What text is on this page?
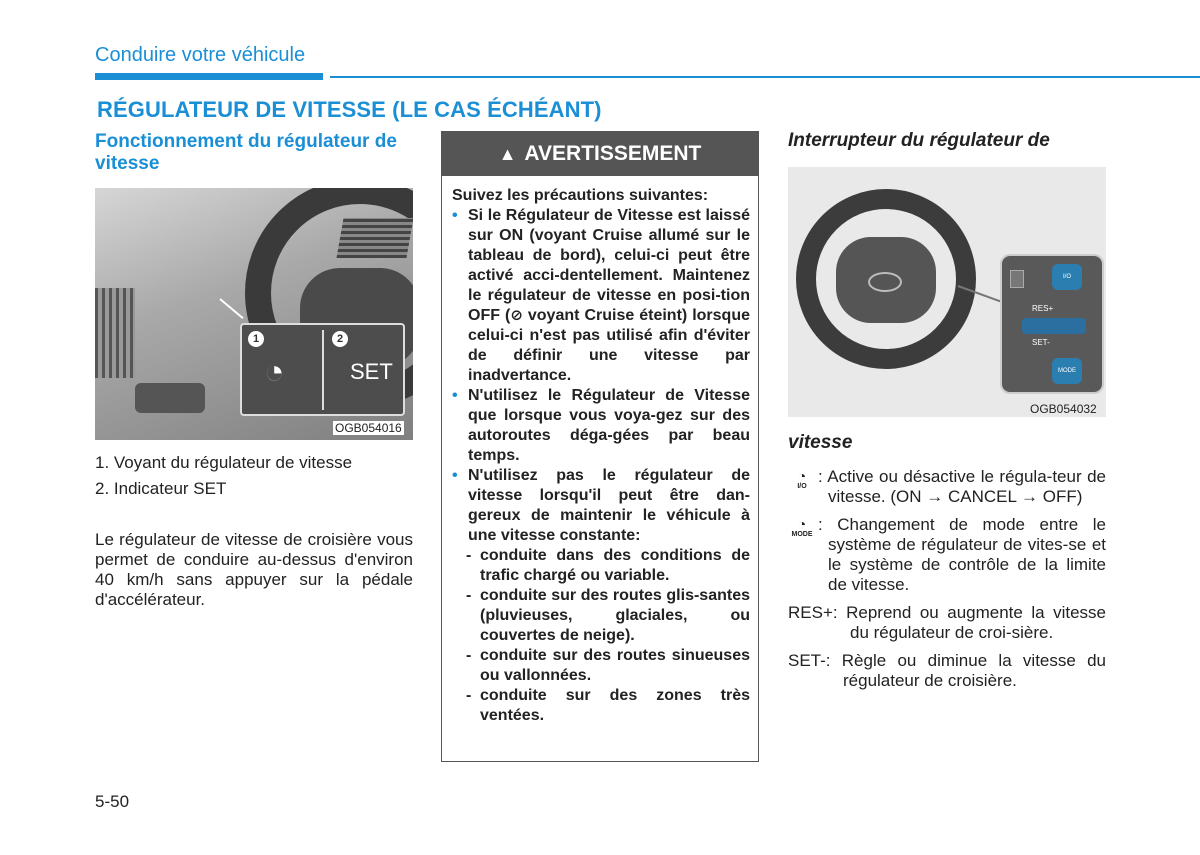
Conduire votre véhicule
RÉGULATEUR DE VITESSE (LE CAS ÉCHÉANT)
Fonctionnement du régulateur de vitesse
1	2
◔	SET
OGB054016
1. Voyant du régulateur de vitesse
2. Indicateur SET
Le régulateur de vitesse de croisière vous permet de conduire au-dessus d'environ 40 km/h sans appuyer sur la pédale d'accélérateur.
▲ AVERTISSEMENT
Suivez les précautions suivantes:
• Si le Régulateur de Vitesse est laissé sur ON (voyant Cruise allumé sur le tableau de bord), celui-ci peut être activé acci-dentellement. Maintenez le régulateur de vitesse en posi-tion OFF (⊘ voyant Cruise éteint) lorsque celui-ci n'est pas utilisé afin d'éviter de définir une vitesse par inadvertance.
• N'utilisez le Régulateur de Vitesse que lorsque vous voya-gez sur des autoroutes déga-gées par beau temps.
• N'utilisez pas le régulateur de vitesse lorsqu'il peut être dan-gereux de maintenir le véhicule à une vitesse constante:
- conduite dans des conditions de trafic chargé ou variable.
- conduite sur des routes glis-santes (pluvieuses, glaciales, ou couvertes de neige).
- conduite sur des routes sinueuses ou vallonnées.
- conduite sur des zones très ventées.
Interrupteur du régulateur de
I/O
RES+
SET-
MODE
OGB054032
vitesse
◔
I/O
: Active ou désactive le régula-teur de vitesse. (ON → CANCEL → OFF)
◔
MODE
: Changement de mode entre le système de régulateur de vites-se et le système de contrôle de la limite de vitesse.
RES+: Reprend ou augmente la vitesse du régulateur de croi-sière.
SET-: Règle ou diminue la vitesse du régulateur de croisière.
5-50
